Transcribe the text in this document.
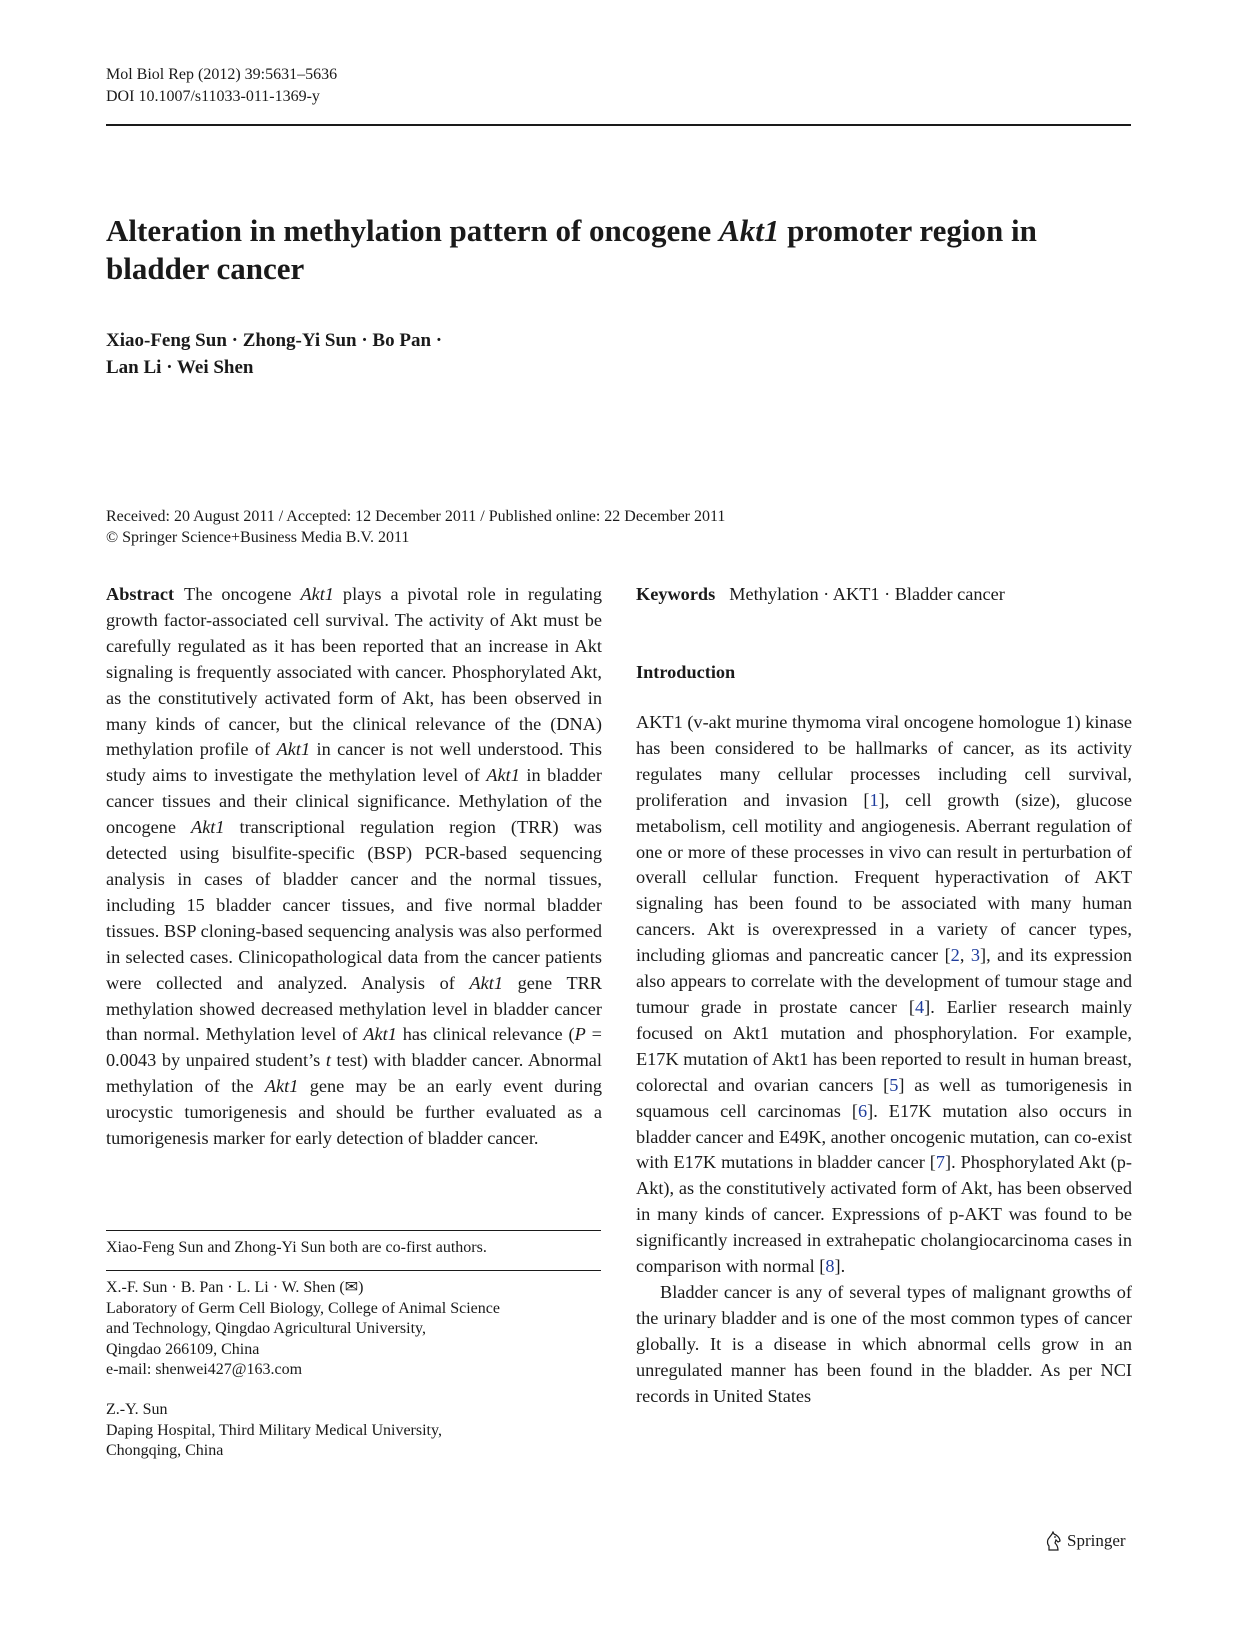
Mol Biol Rep (2012) 39:5631–5636
DOI 10.1007/s11033-011-1369-y
Alteration in methylation pattern of oncogene Akt1 promoter region in bladder cancer
Xiao-Feng Sun · Zhong-Yi Sun · Bo Pan ·
Lan Li · Wei Shen
Received: 20 August 2011 / Accepted: 12 December 2011 / Published online: 22 December 2011
© Springer Science+Business Media B.V. 2011

Abstract The oncogene Akt1 plays a pivotal role in regulating growth factor-associated cell survival. The activity of Akt must be carefully regulated as it has been reported that an increase in Akt signaling is frequently associated with cancer. Phosphorylated Akt, as the constitutively activated form of Akt, has been observed in many kinds of cancer, but the clinical relevance of the (DNA) methylation profile of Akt1 in cancer is not well understood. This study aims to investigate the methylation level of Akt1 in bladder cancer tissues and their clinical significance. Methylation of the oncogene Akt1 transcriptional regulation region (TRR) was detected using bisulfite-specific (BSP) PCR-based sequencing analysis in cases of bladder cancer and the normal tissues, including 15 bladder cancer tissues, and five normal bladder tissues. BSP cloning-based sequencing analysis was also performed in selected cases. Clinicopathological data from the cancer patients were collected and analyzed. Analysis of Akt1 gene TRR methylation showed decreased methylation level in bladder cancer than normal. Methylation level of Akt1 has clinical relevance (P = 0.0043 by unpaired student’s t test) with bladder cancer. Abnormal methylation of the Akt1 gene may be an early event during urocystic tumorigenesis and should be further evaluated as a tumorigenesis marker for early detection of bladder cancer.

Xiao-Feng Sun and Zhong-Yi Sun both are co-first authors.
X.-F. Sun · B. Pan · L. Li · W. Shen (✉)
Laboratory of Germ Cell Biology, College of Animal Science
and Technology, Qingdao Agricultural University,
Qingdao 266109, China
e-mail: shenwei427@163.com
Z.-Y. Sun
Daping Hospital, Third Military Medical University,
Chongqing, China

Keywords Methylation · AKT1 · Bladder cancer

Introduction

AKT1 (v-akt murine thymoma viral oncogene homologue 1) kinase has been considered to be hallmarks of cancer, as its activity regulates many cellular processes including cell survival, proliferation and invasion [1], cell growth (size), glucose metabolism, cell motility and angiogenesis. Aberrant regulation of one or more of these processes in vivo can result in perturbation of overall cellular function. Frequent hyperactivation of AKT signaling has been found to be associated with many human cancers. Akt is overexpressed in a variety of cancer types, including gliomas and pancreatic cancer [2, 3], and its expression also appears to correlate with the development of tumour stage and tumour grade in prostate cancer [4]. Earlier research mainly focused on Akt1 mutation and phosphorylation. For example, E17K mutation of Akt1 has been reported to result in human breast, colorectal and ovarian cancers [5] as well as tumorigenesis in squamous cell carcinomas [6]. E17K mutation also occurs in bladder cancer and E49K, another oncogenic mutation, can co-exist with E17K mutations in bladder cancer [7]. Phosphorylated Akt (p-Akt), as the constitutively activated form of Akt, has been observed in many kinds of cancer. Expressions of p-AKT was found to be significantly increased in extrahepatic cholangiocarcinoma cases in comparison with normal [8].

Bladder cancer is any of several types of malignant growths of the urinary bladder and is one of the most common types of cancer globally. It is a disease in which abnormal cells grow in an unregulated manner has been found in the bladder. As per NCI records in United States

Springer
